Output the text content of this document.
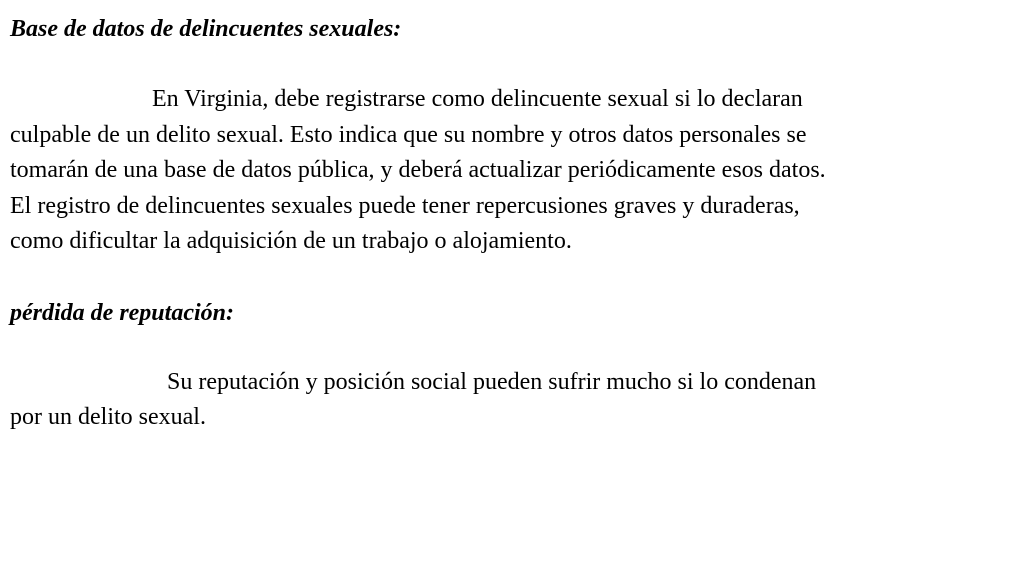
Base de datos de delincuentes sexuales:

En Virginia, debe registrarse como delincuente sexual si lo declaran
culpable de un delito sexual. Esto indica que su nombre y otros datos personales se
tomarán de una base de datos pública, y deberá actualizar periódicamente esos datos.
El registro de delincuentes sexuales puede tener repercusiones graves y duraderas,
como dificultar la adquisición de un trabajo o alojamiento.

pérdida de reputación:

Su reputación y posición social pueden sufrir mucho si lo condenan
por un delito sexual.
